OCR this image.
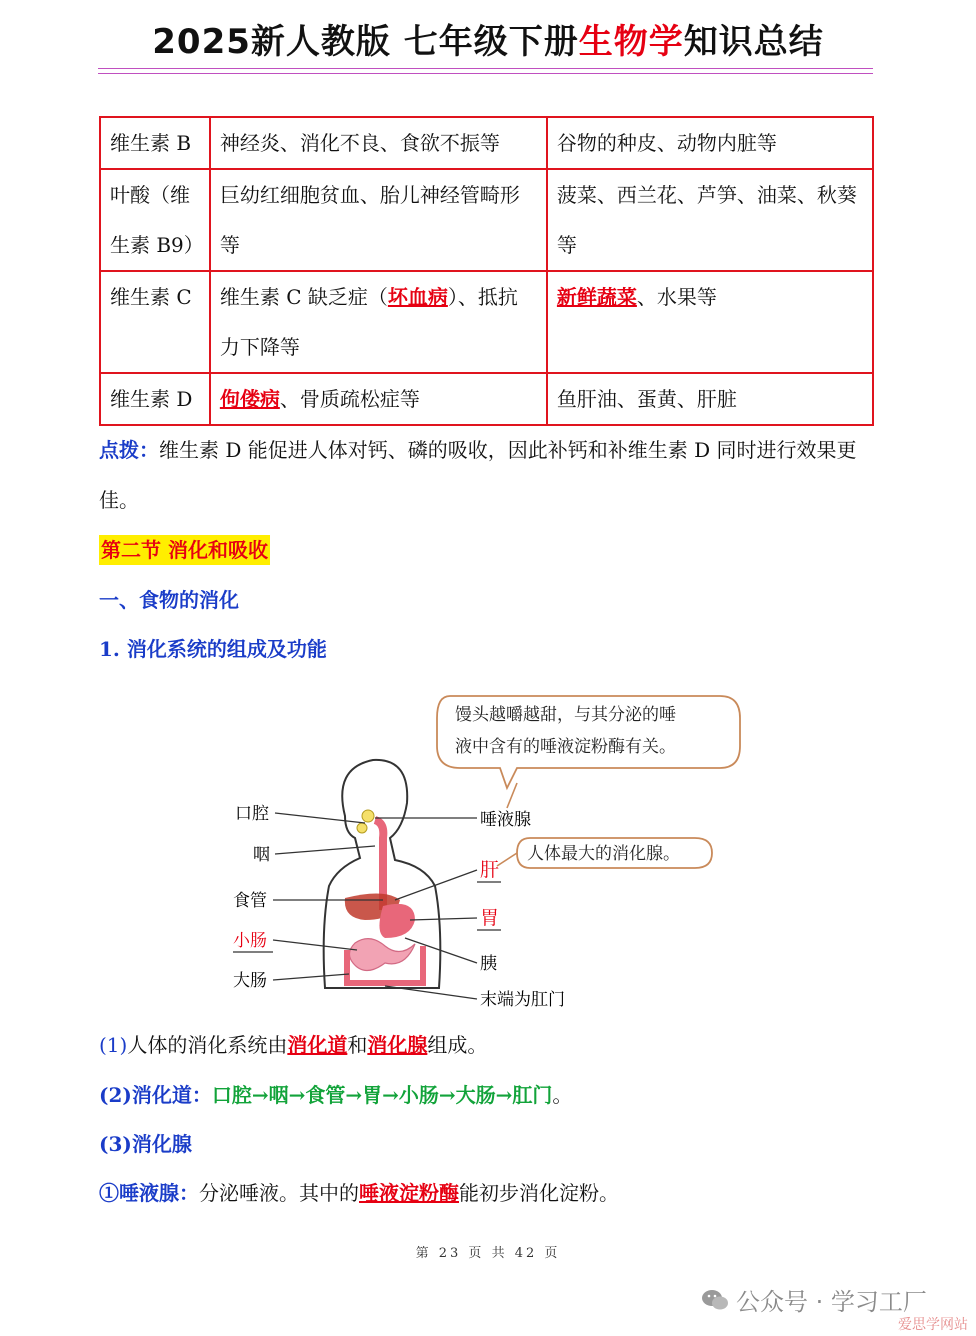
2025新人教版 七年级下册生物学知识总结
维生素 B	神经炎、消化不良、食欲不振等	谷物的种皮、动物内脏等
叶酸（维生素 B9）	巨幼红细胞贫血、胎儿神经管畸形等	菠菜、西兰花、芦笋、油菜、秋葵等
维生素 C	维生素 C 缺乏症（坏血病）、抵抗力下降等	新鲜蔬菜、水果等
维生素 D	佝偻病、骨质疏松症等	鱼肝油、蛋黄、肝脏
点拨：维生素 D 能促进人体对钙、磷的吸收，因此补钙和补维生素 D 同时进行效果更佳。
第二节 消化和吸收
一、食物的消化
1. 消化系统的组成及功能
馒头越嚼越甜，与其分泌的唾
液中含有的唾液淀粉酶有关。
人体最大的消化腺。
口腔
咽
食管
小肠
大肠
唾液腺
肝
胃
胰
末端为肛门
(1)人体的消化系统由消化道和消化腺组成。
(2)消化道：口腔→咽→食管→胃→小肠→大肠→肛门。
(3)消化腺
①唾液腺：分泌唾液。其中的唾液淀粉酶能初步消化淀粉。
第 23 页 共 42 页
公众号 · 学习工厂
爱思学网站
